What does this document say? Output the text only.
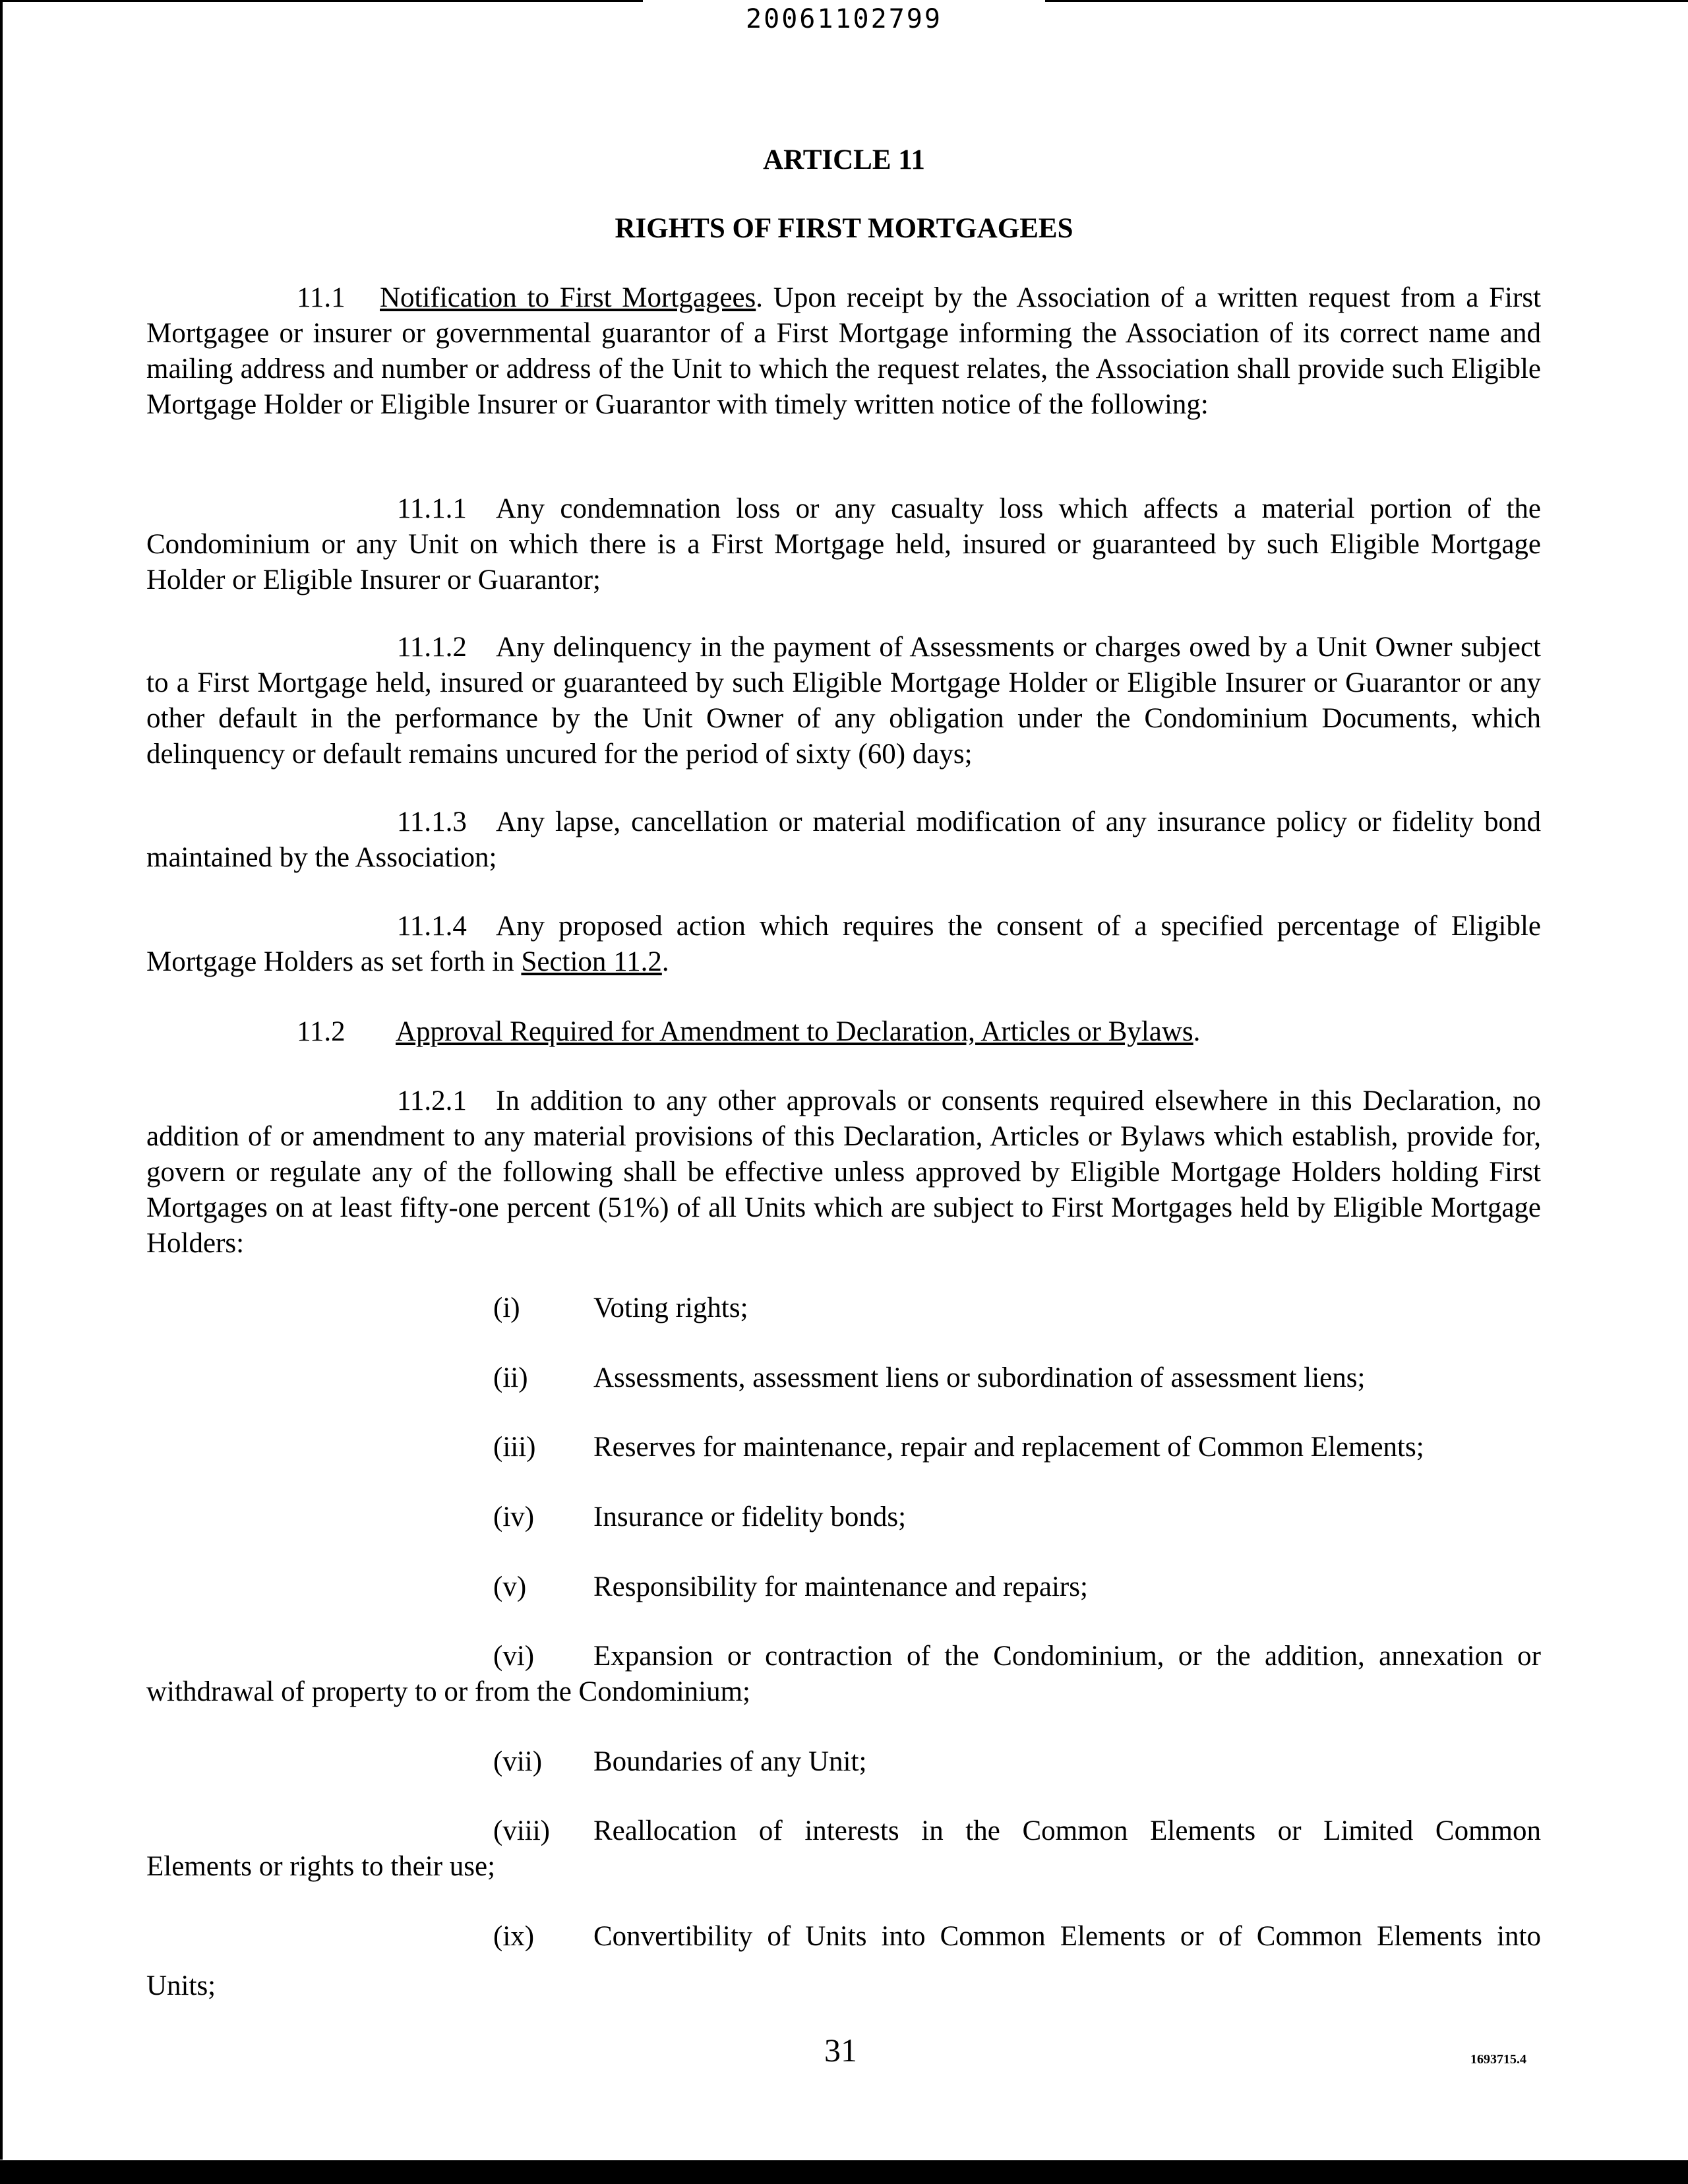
20061102799
ARTICLE 11
RIGHTS OF FIRST MORTGAGEES
11.1 Notification to First Mortgagees. Upon receipt by the Association of a written request from a First Mortgagee or insurer or governmental guarantor of a First Mortgage informing the Association of its correct name and mailing address and number or address of the Unit to which the request relates, the Association shall provide such Eligible Mortgage Holder or Eligible Insurer or Guarantor with timely written notice of the following:
11.1.1 Any condemnation loss or any casualty loss which affects a material portion of the Condominium or any Unit on which there is a First Mortgage held, insured or guaranteed by such Eligible Mortgage Holder or Eligible Insurer or Guarantor;
11.1.2 Any delinquency in the payment of Assessments or charges owed by a Unit Owner subject to a First Mortgage held, insured or guaranteed by such Eligible Mortgage Holder or Eligible Insurer or Guarantor or any other default in the performance by the Unit Owner of any obligation under the Condominium Documents, which delinquency or default remains uncured for the period of sixty (60) days;
11.1.3 Any lapse, cancellation or material modification of any insurance policy or fidelity bond maintained by the Association;
11.1.4 Any proposed action which requires the consent of a specified percentage of Eligible Mortgage Holders as set forth in Section 11.2.
11.2 Approval Required for Amendment to Declaration, Articles or Bylaws.
11.2.1 In addition to any other approvals or consents required elsewhere in this Declaration, no addition of or amendment to any material provisions of this Declaration, Articles or Bylaws which establish, provide for, govern or regulate any of the following shall be effective unless approved by Eligible Mortgage Holders holding First Mortgages on at least fifty-one percent (51%) of all Units which are subject to First Mortgages held by Eligible Mortgage Holders:
(i)	Voting rights;
(ii) Assessments, assessment liens or subordination of assessment liens;
(iii) Reserves for maintenance, repair and replacement of Common Elements;
(iv) Insurance or fidelity bonds;
(v) Responsibility for maintenance and repairs;
(vi) Expansion or contraction of the Condominium, or the addition, annexation or
withdrawal of property to or from the Condominium;
(vii) Boundaries of any Unit;
(viii) Reallocation of interests in the Common Elements or Limited Common
Elements or rights to their use;
(ix) Convertibility of Units into Common Elements or of Common Elements into
Units;
31	1693715.4
